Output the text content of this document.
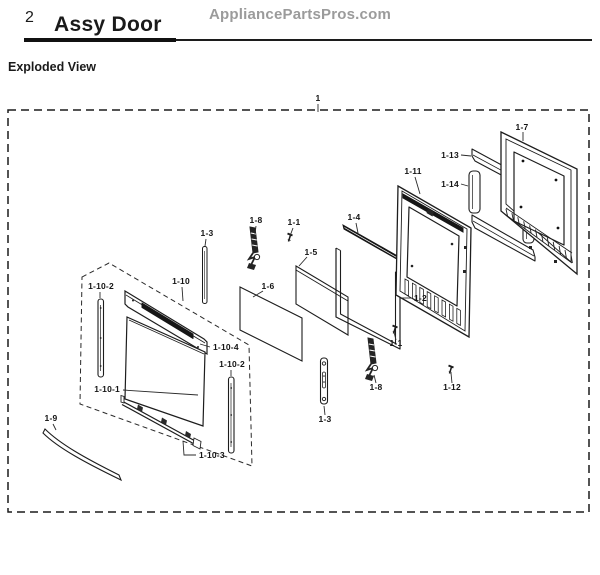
2 Assy Door	AppliancePartsPros.com
Exploded View
1
1-7
1-13
1-11
1-14
1-4
1-8	1-1
1-3
1-5
1-10
1-10-2	1-6
1-2
1-10-4	1-1
1-10-2
1-10-1	1-8	1-12
1-3
1-9
1-10-3
